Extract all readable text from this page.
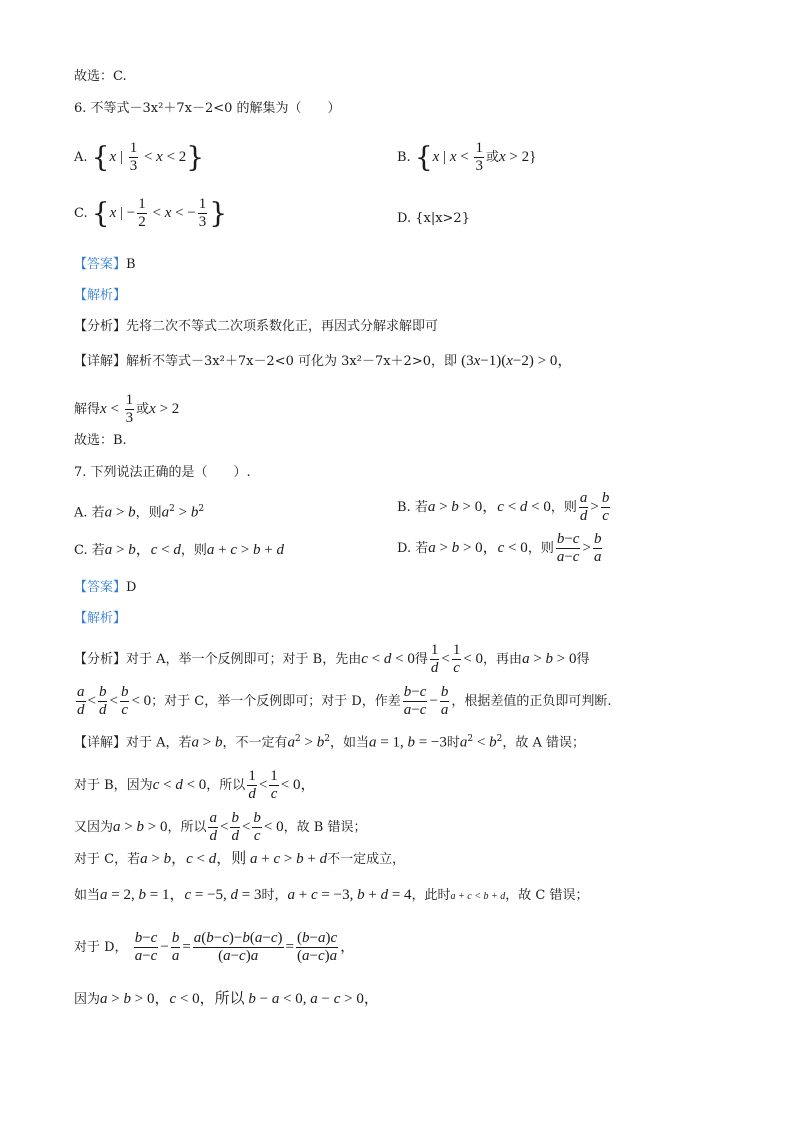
故选：C.
6. 不等式－3x²＋7x－2<0 的解集为（　　）
A. {x | $\frac{1}{3} < x < 2$}	B. {x | $x < \frac{1}{3}$ 或x > 2}
C. {x | − $\frac{1}{2} < x$ < − $\frac{1}{3}$ }	D. {x|x>2}
【答案】B
【解析】
【分析】先将二次不等式二次项系数化正，再因式分解求解即可
【详解】解析不等式－3x²＋7x－2<0 可化为 3x²－7x＋2>0，即 (3x−1)(x−2) > 0，
解得$x < \frac{1}{3}$ 或x > 2
故选：B.
7. 下列说法正确的是（　　）.
A. 若a > b，则$a^2 > b^2$	B. 若a > b > 0，c < d < 0，则 $\frac{a}{d} > \frac{b}{c}$
C. 若a > b，c < d，则a + c > b + d	D. 若a > b > 0，c < 0，则 $\frac{b-c}{a-c} > \frac{b}{a}$
【答案】D
【解析】
【分析】对于 A，举一个反例即可；对于 B，先由c < d < 0得 $\frac{1}{d} < \frac{1}{c} < 0$，再由a > b > 0得
$\frac{a}{d} < \frac{b}{d} < \frac{b}{c} < 0$；对于 C，举一个反例即可；对于 D，作差 $\frac{b-c}{a-c} - \frac{b}{a}$ ，根据差值的正负即可判断.
【详解】对于 A，若a > b，不一定有$a^2 > b^2$，如当a = 1, b = −3时$a^2 < b^2$，故 A 错误；
对于 B，因为c < d < 0，所以 $\frac{1}{d} < \frac{1}{c} < 0$，
又因为a > b > 0，所以 $\frac{a}{d} < \frac{b}{d} < \frac{b}{c} < 0$，故 B 错误；
对于 C，若a > b，c < d，则 a + c > b + d不一定成立，
如当a = 2, b = 1，c = −5, d = 3时，a + c = −3, b + d = 4，此时a + c < b + d，故 C 错误；
对于 D， $\frac{b-c}{a-c} - \frac{b}{a} = \frac{a(b-c)-b(a-c)}{(a-c)a} = \frac{(b-a)c}{(a-c)a}$ ，
因为a > b > 0，c < 0，所以 b − a < 0, a − c > 0，
